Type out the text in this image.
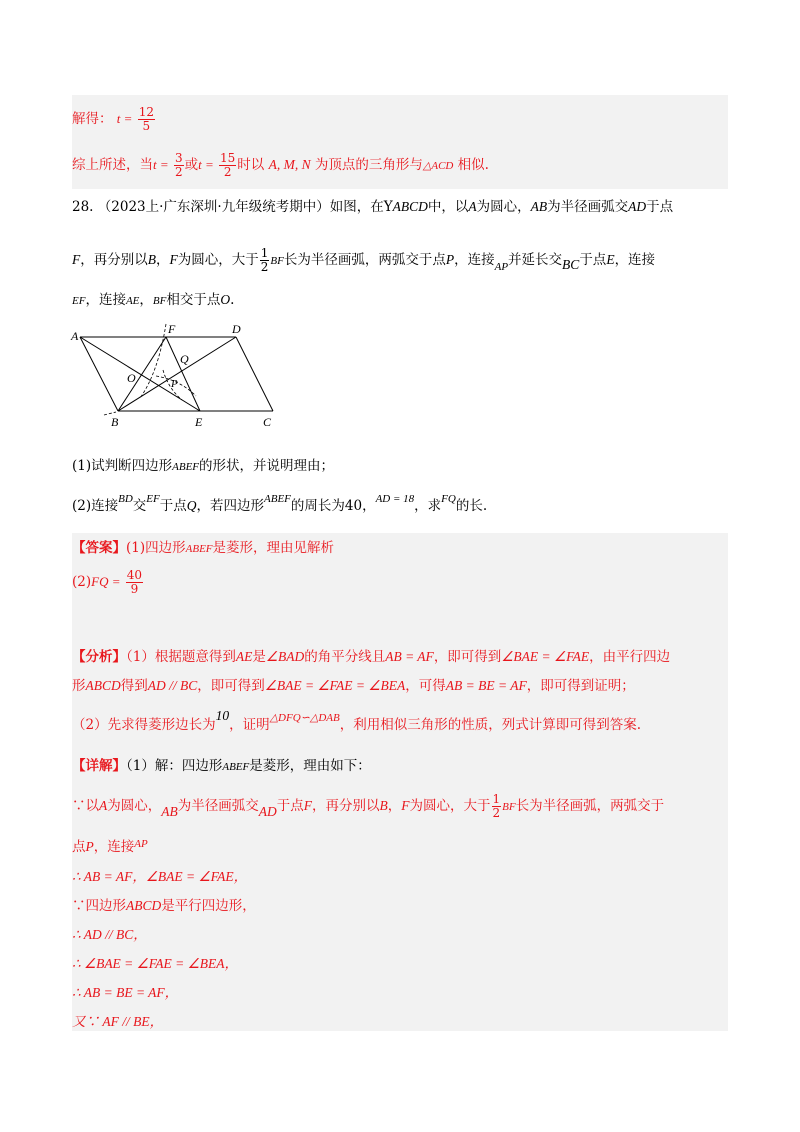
解得： $t = \frac{12}{5}$
综上所述，当$t = \frac{3}{2}$ 或$t = \frac{15}{2}$ 时以 A, M, N 为顶点的三角形与△ACD 相似.
28. （2023上·广东深圳·九年级统考期中）如图，在YABCD中，以A为圆心，AB为半径画弧交AD于点
F，再分别以B，F为圆心，大于 $\frac{1}{2}$ BF长为半径画弧，两弧交于点P，连接$_{AP}$并延长交BC于点E，连接
EF，连接AE，BF相交于点O.
A	F	D
Q
O	P
B	E	C
(1)试判断四边形ABEF的形状，并说明理由；
(2)连接$^{BD}$交$^{EF}$于点Q，若四边形$^{ABEF}$的周长为40，$^{AD = 18}$，求$^{FQ}$的长.
【答案】(1)四边形ABEF是菱形，理由见解析
$(2)FQ = \frac{40}{9}$
【分析】（1）根据题意得到AE是∠BAD的角平分线且AB = AF，即可得到∠BAE = ∠FAE，由平行四边
形ABCD得到AD // BC，即可得到∠BAE = ∠FAE = ∠BEA，可得AB = BE = AF，即可得到证明；
（2）先求得菱形边长为10，证明$^{\triangle DFQ∽\triangle DAB}$，利用相似三角形的性质，列式计算即可得到答案.
【详解】（1）解：四边形ABEF是菱形，理由如下：
∵以A为圆心，AB为半径画弧交AD于点F，再分别以B，F为圆心，大于 $\frac{1}{2}$ BF长为半径画弧，两弧交于
点P，连接$^{AP}$
∴ AB = AF，∠BAE = ∠FAE，
∵四边形ABCD是平行四边形，
∴ AD // BC，
∴ ∠BAE = ∠FAE = ∠BEA，
∴ AB = BE = AF，
又∵ AF // BE，
